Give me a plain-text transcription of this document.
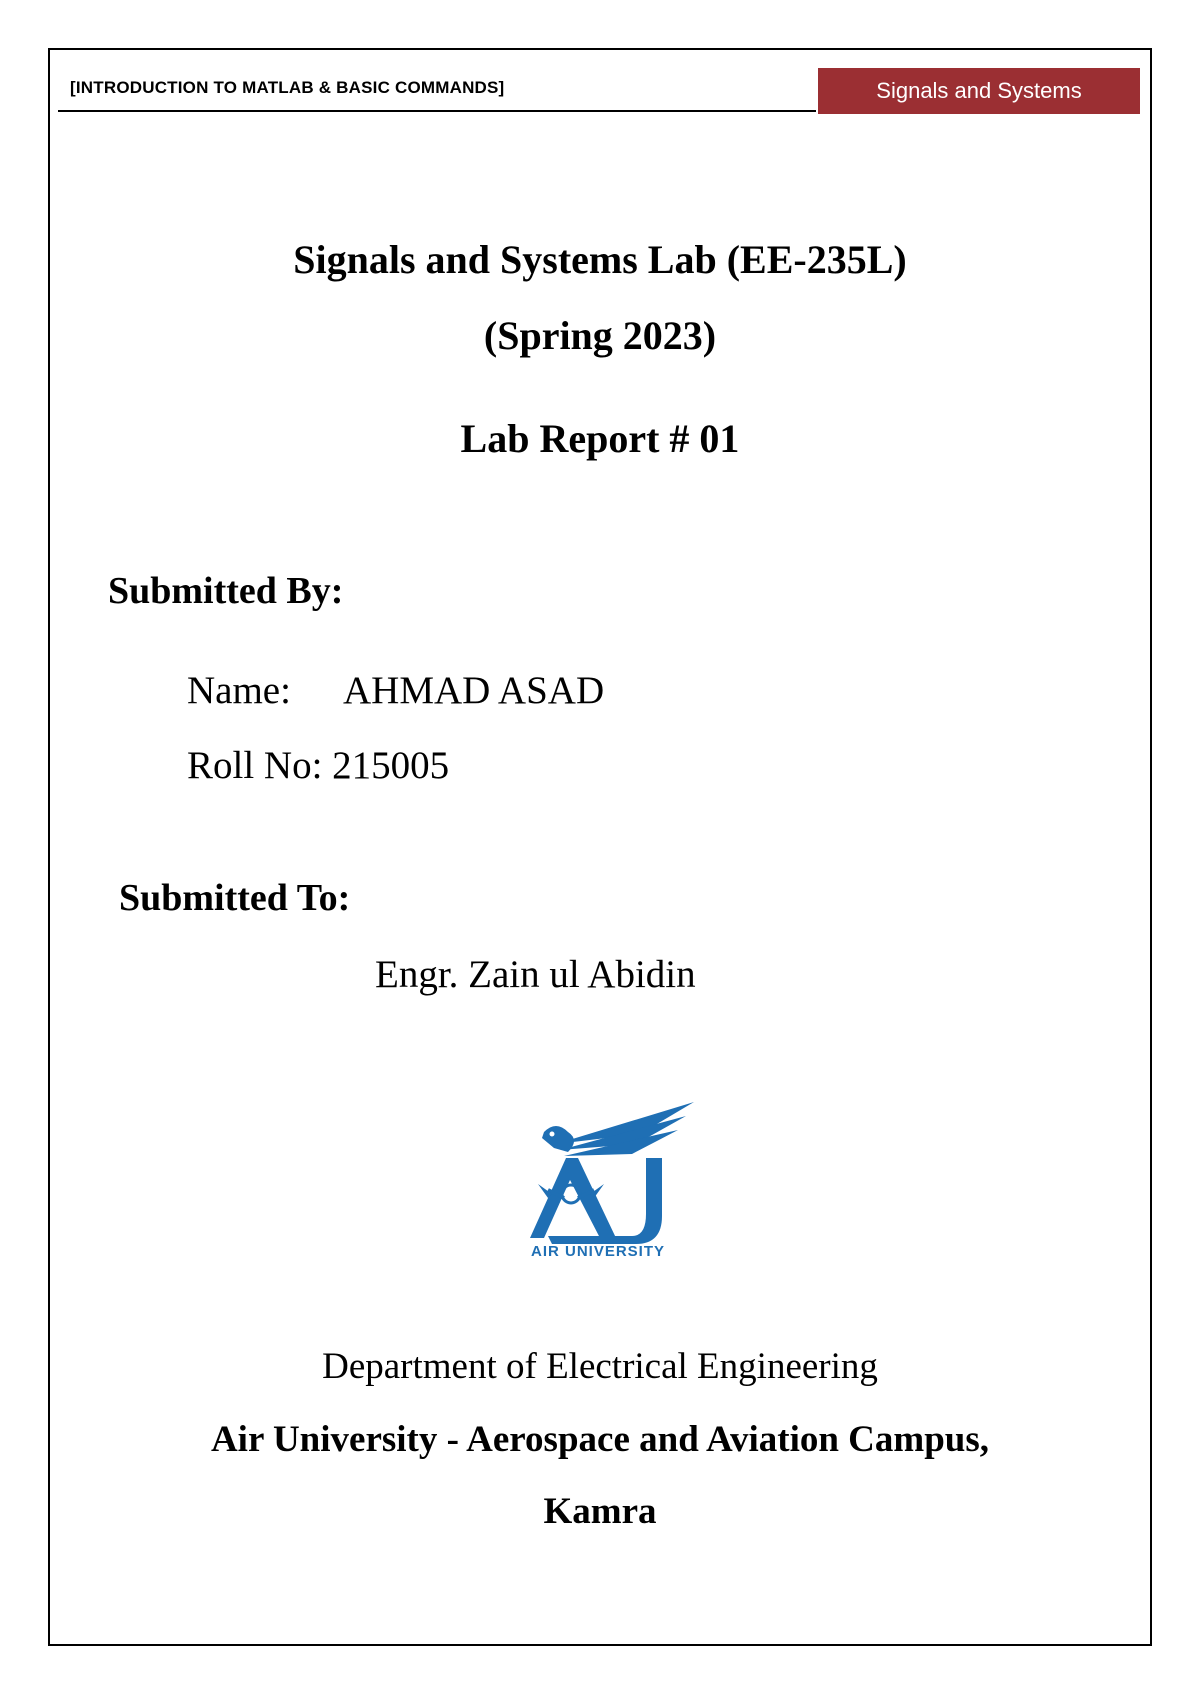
[INTRODUCTION TO MATLAB & BASIC COMMANDS]	Signals and Systems
Signals and Systems Lab (EE-235L)
(Spring 2023)
Lab Report # 01
Submitted By:
Name: AHMAD ASAD
Roll No: 215005
Submitted To:
Engr. Zain ul Abidin
AIR UNIVERSITY
Department of Electrical Engineering
Air University - Aerospace and Aviation Campus,
Kamra
